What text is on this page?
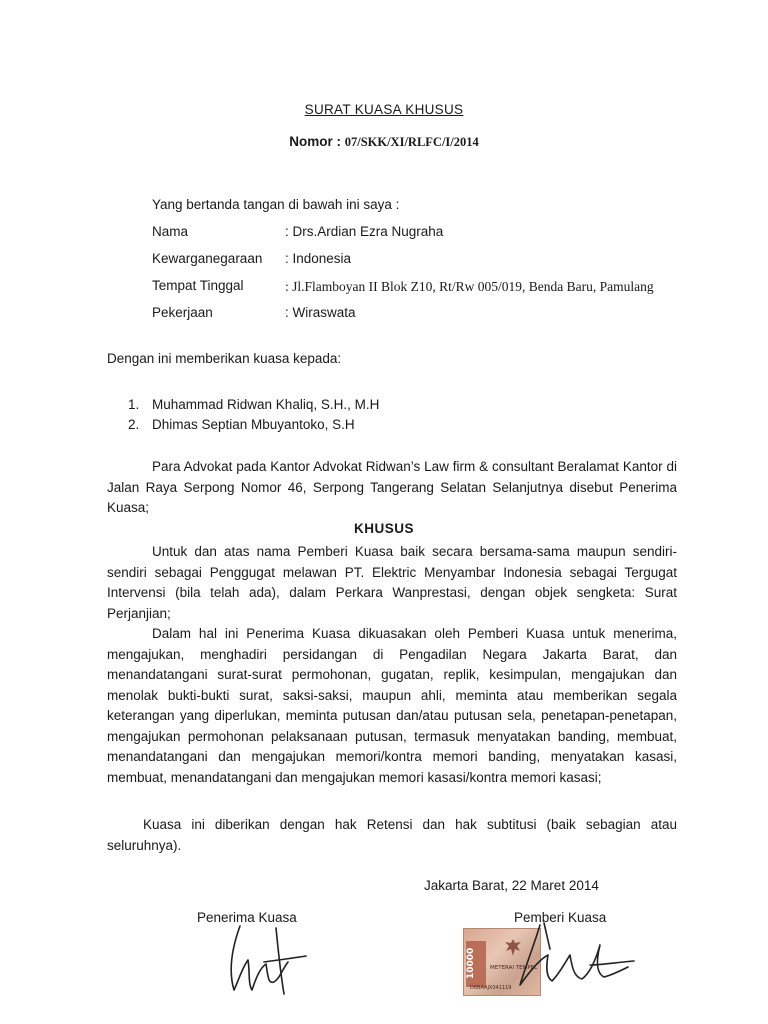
SURAT KUASA KHUSUS
Nomor : 07/SKK/XI/RLFC/I/2014
Yang bertanda tangan di bawah ini saya :
Nama	: Drs.Ardian Ezra Nugraha
Kewarganegaraan : Indonesia
Tempat Tinggal	: Jl.Flamboyan II Blok Z10, Rt/Rw 005/019, Benda Baru, Pamulang
Pekerjaan	: Wiraswata
Dengan ini memberikan kuasa kepada:
1. Muhammad Ridwan Khaliq, S.H., M.H
2. Dhimas Septian Mbuyantoko, S.H

Para Advokat pada Kantor Advokat Ridwan’s Law firm & consultant Beralamat Kantor di Jalan Raya Serpong Nomor 46, Serpong Tangerang Selatan Selanjutnya disebut Penerima Kuasa;

KHUSUS

Untuk dan atas nama Pemberi Kuasa baik secara bersama-sama maupun sendiri-sendiri sebagai Penggugat melawan PT. Elektric Menyambar Indonesia sebagai Tergugat Intervensi (bila telah ada), dalam Perkara Wanprestasi, dengan objek sengketa: Surat Perjanjian;

Dalam hal ini Penerima Kuasa dikuasakan oleh Pemberi Kuasa untuk menerima, mengajukan, menghadiri persidangan di Pengadilan Negara Jakarta Barat, dan menandatangani surat-surat permohonan, gugatan, replik, kesimpulan, mengajukan dan menolak bukti-bukti surat, saksi-saksi, maupun ahli, meminta atau memberikan segala keterangan yang diperlukan, meminta putusan dan/atau putusan sela, penetapan-penetapan, mengajukan permohonan pelaksanaan putusan, termasuk menyatakan banding, membuat, menandatangani dan mengajukan memori/kontra memori banding, menyatakan kasasi, membuat, menandatangani dan mengajukan memori kasasi/kontra memori kasasi;

Kuasa ini diberikan dengan hak Retensi dan hak subtitusi (baik sebagian atau seluruhnya).

Jakarta Barat, 22 Maret 2014
Penerima Kuasa	Pemberi Kuasa
10000	METERAI TEMPEL
D6BAAJX041119
